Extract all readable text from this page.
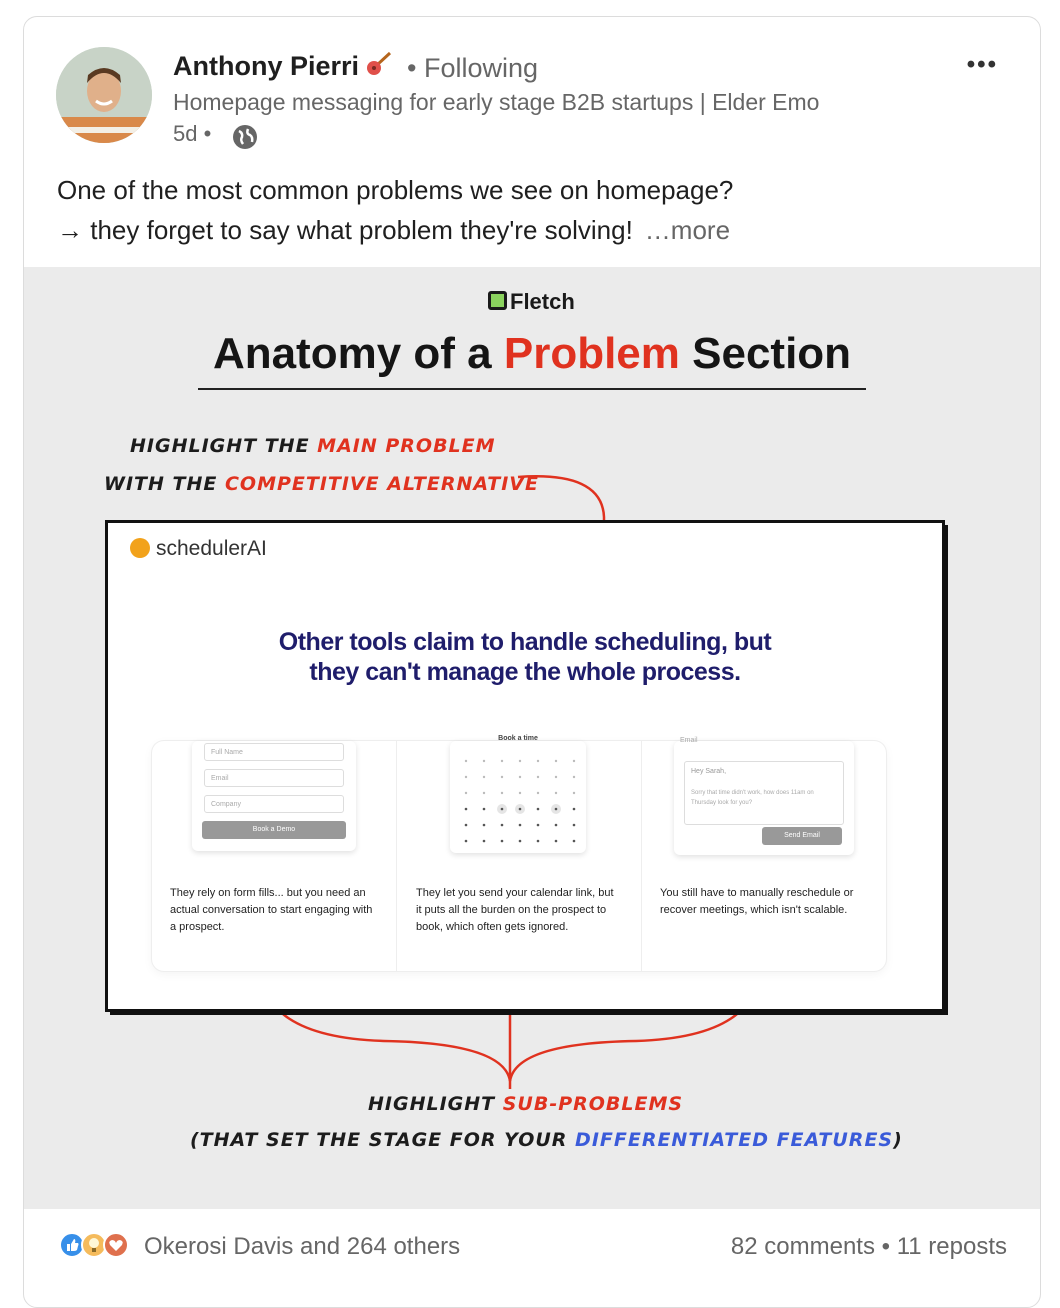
Anthony Pierri	• Following
Homepage messaging for early stage B2B startups | Elder Emo
5d •
•••
One of the most common problems we see on homepage?
→ they forget to say what problem they're solving! …more
Fletch
Anatomy of a Problem Section
HIGHLIGHT THE MAIN PROBLEM
WITH THE COMPETITIVE ALTERNATIVE
schedulerAI
Other tools claim to handle scheduling, but
they can't manage the whole process.
Full Name
Email
Company
Book a Demo
Book a time	Email
Hey Sarah,
Sorry that time didn't work, how does 11am on Thursday look for you?
Send Email
They rely on form fills... but you need an actual conversation to start engaging with a prospect.
They let you send your calendar link, but it puts all the burden on the prospect to book, which often gets ignored.
You still have to manually reschedule or recover meetings, which isn't scalable.
HIGHLIGHT SUB-PROBLEMS
(THAT SET THE STAGE FOR YOUR DIFFERENTIATED FEATURES)
Okerosi Davis and 264 others	82 comments • 11 reposts
